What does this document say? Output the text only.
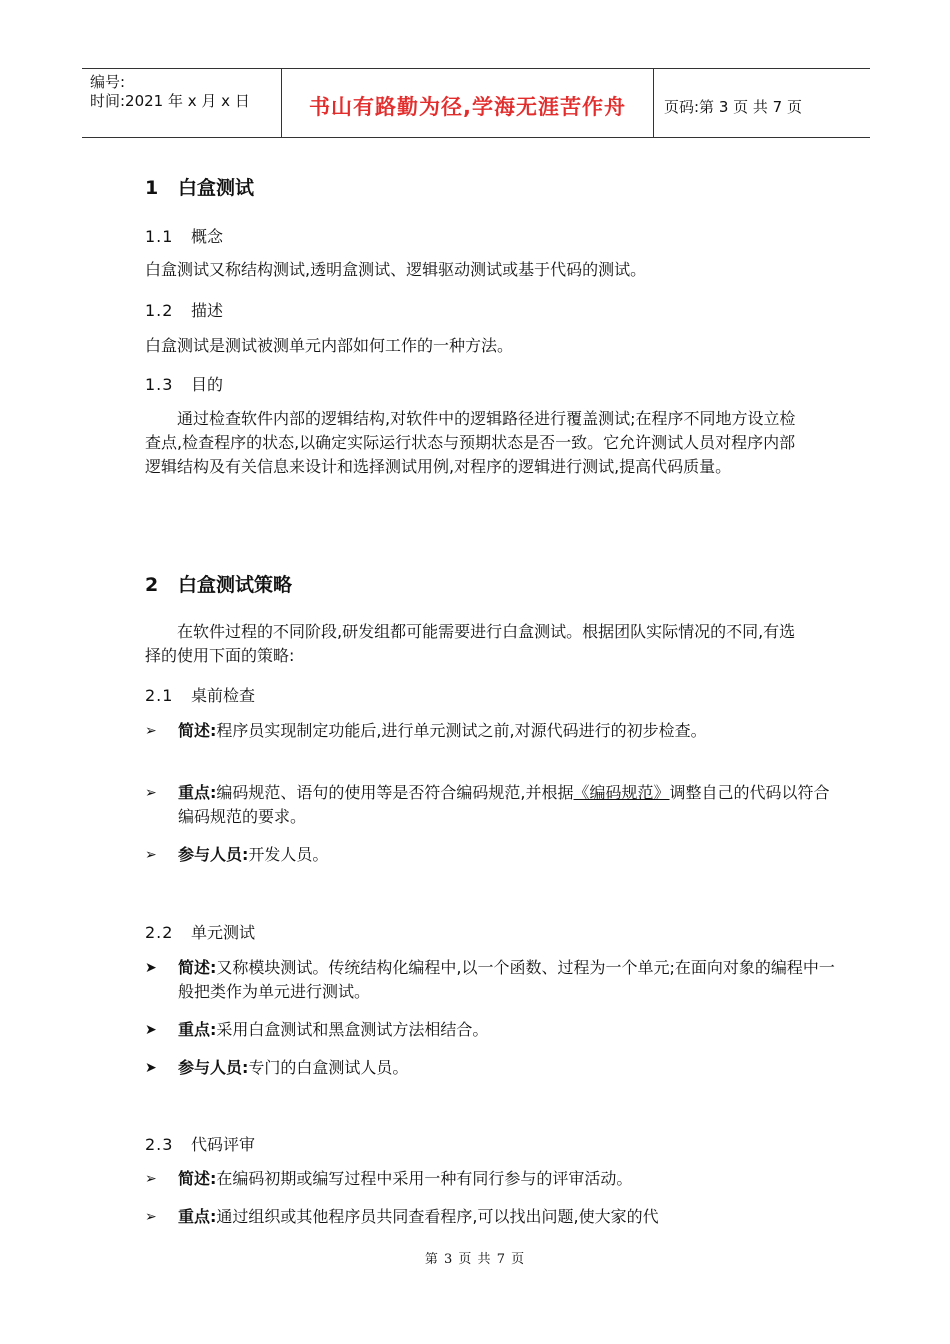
编号:
时间:2021 年 x 月 x 日	书山有路勤为径,学海无涯苦作舟	页码:第 3 页 共 7 页
1 白盒测试
1.1 概念
白盒测试又称结构测试,透明盒测试、逻辑驱动测试或基于代码的测试。
1.2 描述
白盒测试是测试被测单元内部如何工作的一种方法。
1.3 目的
通过检查软件内部的逻辑结构,对软件中的逻辑路径进行覆盖测试;在程序不同地方设立检查点,检查程序的状态,以确定实际运行状态与预期状态是否一致。它允许测试人员对程序内部逻辑结构及有关信息来设计和选择测试用例,对程序的逻辑进行测试,提高代码质量。
2 白盒测试策略
在软件过程的不同阶段,研发组都可能需要进行白盒测试。根据团队实际情况的不同,有选择的使用下面的策略:
2.1 桌前检查
➢	简述:程序员实现制定功能后,进行单元测试之前,对源代码进行的初步检查。
➢	重点:编码规范、语句的使用等是否符合编码规范,并根据《编码规范》调整自己的代码以符合编码规范的要求。
➢	参与人员:开发人员。
2.2 单元测试
➤	简述:又称模块测试。传统结构化编程中,以一个函数、过程为一个单元;在面向对象的编程中一般把类作为单元进行测试。
➤	重点:采用白盒测试和黑盒测试方法相结合。
➤	参与人员:专门的白盒测试人员。
2.3 代码评审
➢	简述:在编码初期或编写过程中采用一种有同行参与的评审活动。
➢	重点:通过组织或其他程序员共同查看程序,可以找出问题,使大家的代
第 3 页 共 7 页
